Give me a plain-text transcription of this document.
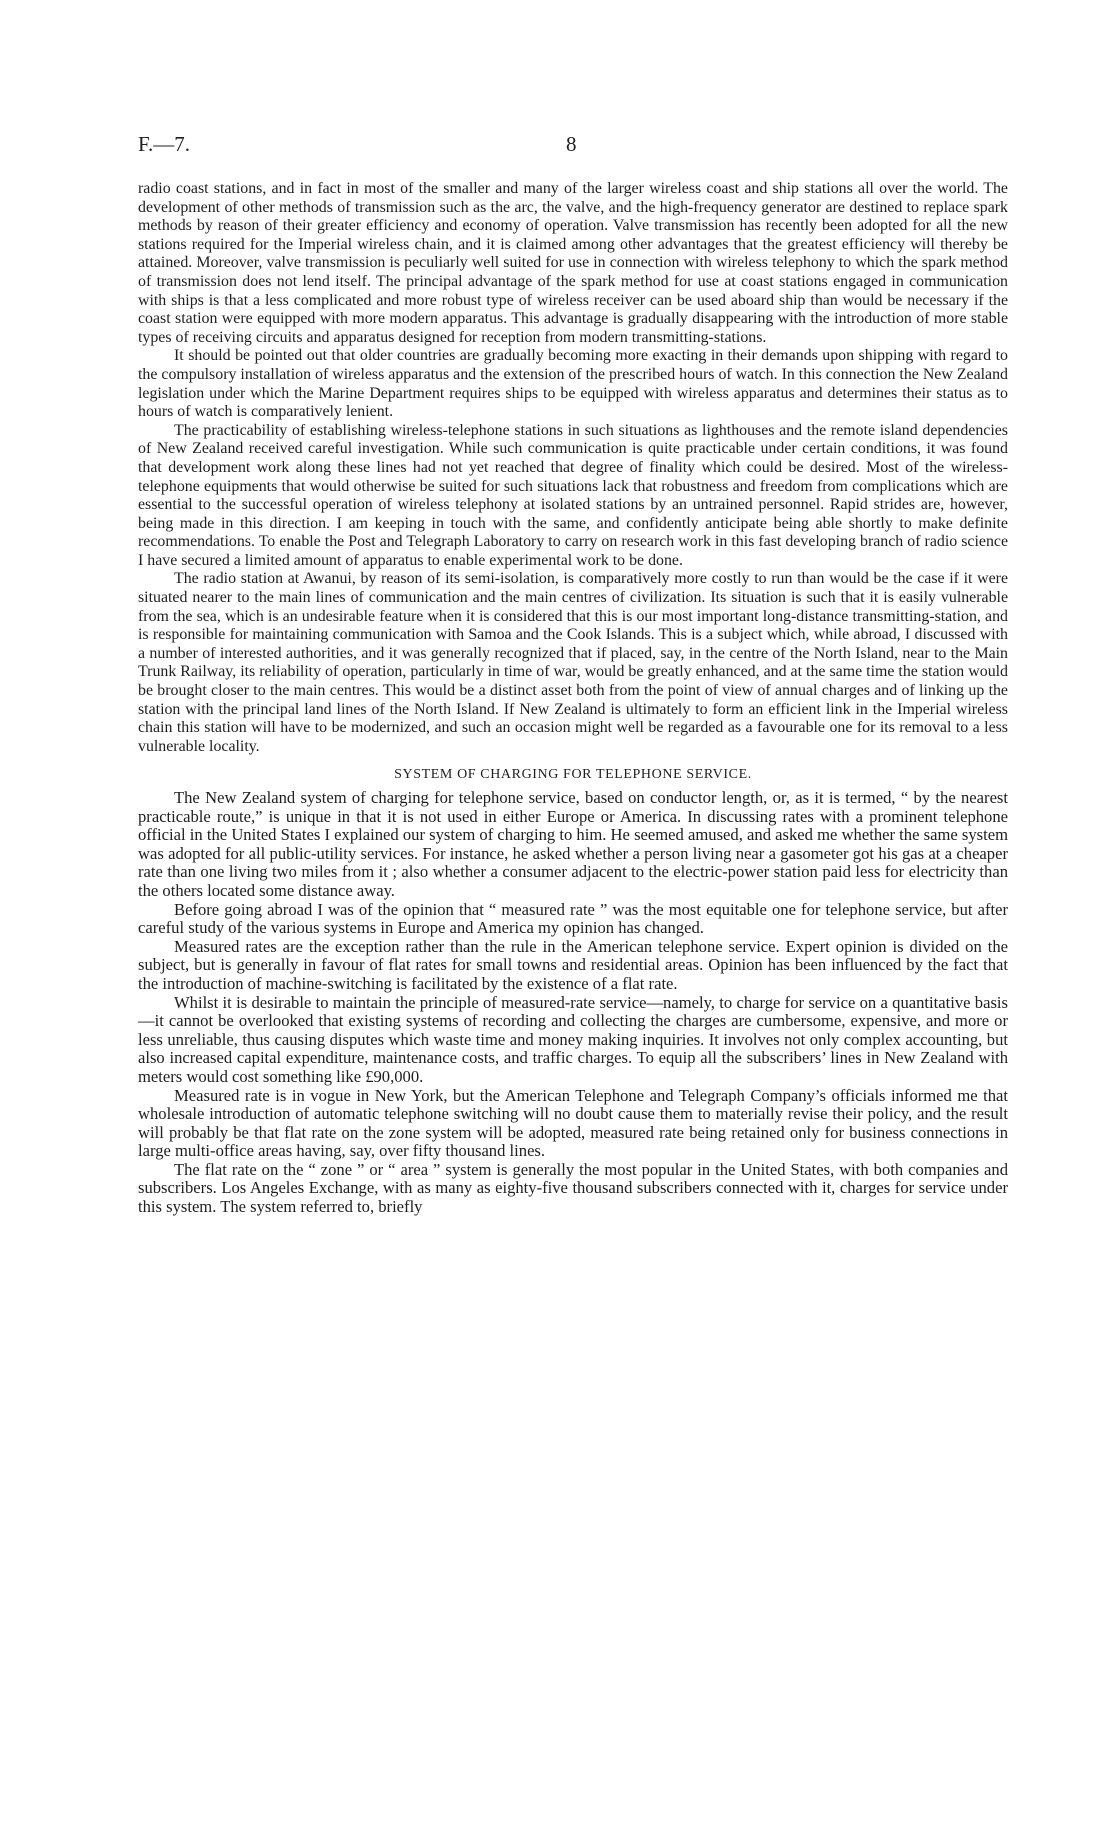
F.—7.	8

radio coast stations, and in fact in most of the smaller and many of the larger wireless coast and ship stations all over the world. The development of other methods of transmission such as the arc, the valve, and the high-frequency generator are destined to replace spark methods by reason of their greater efficiency and economy of operation. Valve transmission has recently been adopted for all the new stations required for the Imperial wireless chain, and it is claimed among other advantages that the greatest efficiency will thereby be attained. Moreover, valve transmission is peculiarly well suited for use in connection with wireless telephony to which the spark method of transmission does not lend itself. The principal advantage of the spark method for use at coast stations engaged in communication with ships is that a less complicated and more robust type of wireless receiver can be used aboard ship than would be necessary if the coast station were equipped with more modern apparatus. This advantage is gradually disappearing with the introduction of more stable types of receiving circuits and apparatus designed for reception from modern transmitting-stations.

It should be pointed out that older countries are gradually becoming more exacting in their demands upon shipping with regard to the compulsory installation of wireless apparatus and the extension of the prescribed hours of watch. In this connection the New Zealand legislation under which the Marine Department requires ships to be equipped with wireless apparatus and determines their status as to hours of watch is comparatively lenient.

The practicability of establishing wireless-telephone stations in such situations as lighthouses and the remote island dependencies of New Zealand received careful investigation. While such communication is quite practicable under certain conditions, it was found that development work along these lines had not yet reached that degree of finality which could be desired. Most of the wireless-telephone equipments that would otherwise be suited for such situations lack that robustness and freedom from complications which are essential to the successful operation of wireless telephony at isolated stations by an untrained personnel. Rapid strides are, however, being made in this direction. I am keeping in touch with the same, and confidently anticipate being able shortly to make definite recommendations. To enable the Post and Telegraph Laboratory to carry on research work in this fast developing branch of radio science I have secured a limited amount of apparatus to enable experimental work to be done.

The radio station at Awanui, by reason of its semi-isolation, is comparatively more costly to run than would be the case if it were situated nearer to the main lines of communication and the main centres of civilization. Its situation is such that it is easily vulnerable from the sea, which is an undesirable feature when it is considered that this is our most important long-distance transmitting-station, and is responsible for maintaining communication with Samoa and the Cook Islands. This is a subject which, while abroad, I discussed with a number of interested authorities, and it was generally recognized that if placed, say, in the centre of the North Island, near to the Main Trunk Railway, its reliability of operation, particularly in time of war, would be greatly enhanced, and at the same time the station would be brought closer to the main centres. This would be a distinct asset both from the point of view of annual charges and of linking up the station with the principal land lines of the North Island. If New Zealand is ultimately to form an efficient link in the Imperial wireless chain this station will have to be modernized, and such an occasion might well be regarded as a favourable one for its removal to a less vulnerable locality.

SYSTEM OF CHARGING FOR TELEPHONE SERVICE.

The New Zealand system of charging for telephone service, based on conductor length, or, as it is termed, “ by the nearest practicable route,” is unique in that it is not used in either Europe or America. In discussing rates with a prominent telephone official in the United States I explained our system of charging to him. He seemed amused, and asked me whether the same system was adopted for all public-utility services. For instance, he asked whether a person living near a gasometer got his gas at a cheaper rate than one living two miles from it ; also whether a consumer adjacent to the electric-power station paid less for electricity than the others located some distance away.

Before going abroad I was of the opinion that “ measured rate ” was the most equitable one for telephone service, but after careful study of the various systems in Europe and America my opinion has changed.

Measured rates are the exception rather than the rule in the American telephone service. Expert opinion is divided on the subject, but is generally in favour of flat rates for small towns and residential areas. Opinion has been influenced by the fact that the introduction of machine-switching is facilitated by the existence of a flat rate.

Whilst it is desirable to maintain the principle of measured-rate service—namely, to charge for service on a quantitative basis—it cannot be overlooked that existing systems of recording and collecting the charges are cumbersome, expensive, and more or less unreliable, thus causing disputes which waste time and money making inquiries. It involves not only complex accounting, but also increased capital expenditure, maintenance costs, and traffic charges. To equip all the subscribers’ lines in New Zealand with meters would cost something like £90,000.

Measured rate is in vogue in New York, but the American Telephone and Telegraph Company’s officials informed me that wholesale introduction of automatic telephone switching will no doubt cause them to materially revise their policy, and the result will probably be that flat rate on the zone system will be adopted, measured rate being retained only for business connections in large multi-office areas having, say, over fifty thousand lines.

The flat rate on the “ zone ” or “ area ” system is generally the most popular in the United States, with both companies and subscribers. Los Angeles Exchange, with as many as eighty-five thousand subscribers connected with it, charges for service under this system. The system referred to, briefly
